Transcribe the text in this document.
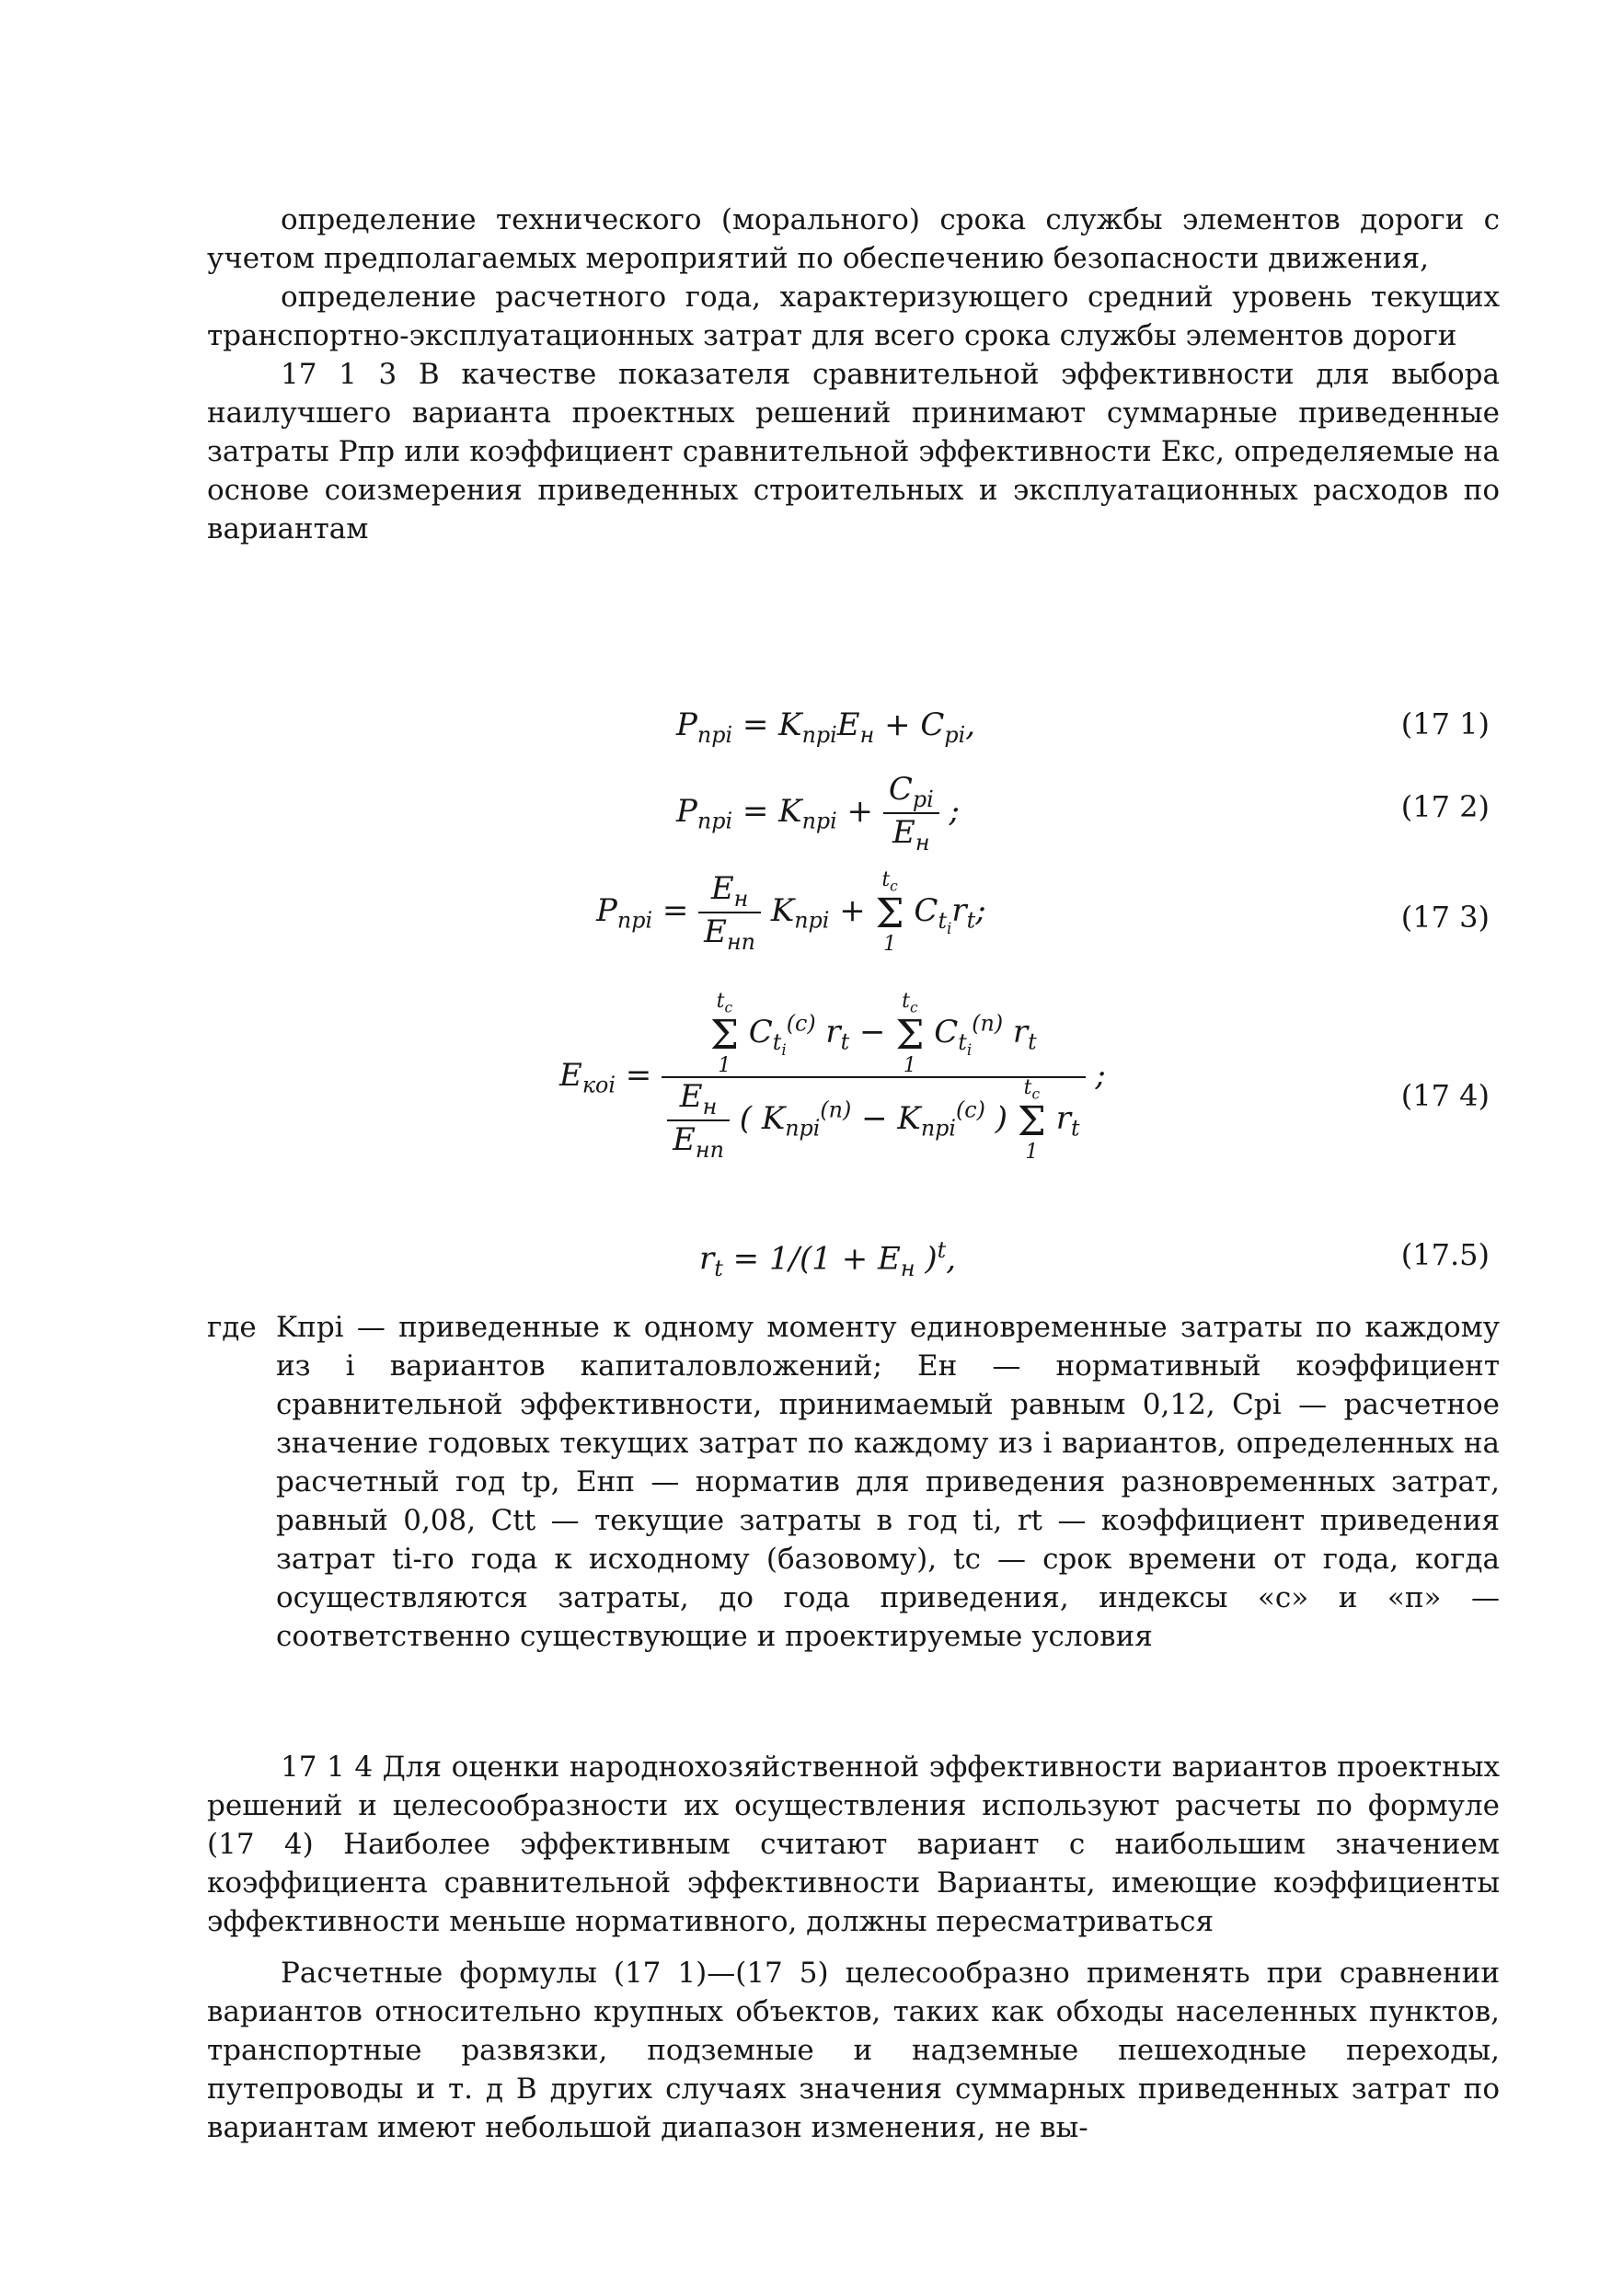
определение технического (морального) срока службы элементов дороги с учетом предполагаемых мероприятий по обеспечению безопасности движения,

определение расчетного года, характеризующего средний уровень текущих транспортно-эксплуатационных затрат для всего срока службы элементов дороги

17 1 3 В качестве показателя сравнительной эффективности для выбора наилучшего варианта проектных решений принимают суммарные приведенные затраты Pпр или коэффициент сравнительной эффективности Eкс, определяемые на основе соизмерения приведенных строительных и эксплуатационных расходов по вариантам

$P_{прi} = K_{прi}E_н + C_{pi}$,	(17 1)
$P_{прi} = K_{прi} + \frac{C_{pi}}{E_н}$ ;	(17 2)
$P_{прi} = \frac{E_н}{E_{нп}} K_{прi}$ +
$t_c$
Σ
1
$C_{t_i}r_t$;	(17 3)
$E_{кoi} = t_c$
Σ
1
$C_{t_i}^{(c)}$ $r_t$ −
$t_c$
Σ
1
$C_{t_i}^{(п)}$ $r_t$
$\frac{E_н}{E_{нп}}$ ( $K_{прi}^{(п)} - K_{прi}^{(c)}$ )
$t_c$
Σ
1
$r_t$ ;
(17 4)
$r_t = 1/(1 + E_н$ )$^t$,	(17.5)
где Kпрi — приведенные к одному моменту единовременные затраты по каждому из i вариантов капиталовложений; Eн — нормативный коэффициент сравнительной эффективности, принимаемый равным 0,12, Cpi — расчетное значение годовых текущих затрат по каждому из i вариантов, определенных на расчетный год tp, Eнп — норматив для приведения разновременных затрат, равный 0,08, Ctt — текущие затраты в год ti, rt — коэффициент приведения затрат ti-го года к исходному (базовому), tc — срок времени от года, когда осуществляются затраты, до года приведения, индексы «с» и «п» — соответственно существующие и проектируемые условия

17 1 4 Для оценки народнохозяйственной эффективности вариантов проектных решений и целесообразности их осуществления используют расчеты по формуле (17 4) Наиболее эффективным считают вариант с наибольшим значением коэффициента сравнительной эффективности Варианты, имеющие коэффициенты эффективности меньше нормативного, должны пересматриваться

Расчетные формулы (17 1)—(17 5) целесообразно применять при сравнении вариантов относительно крупных объектов, таких как обходы населенных пунктов, транспортные развязки, подземные и надземные пешеходные переходы, путепроводы и т. д В других случаях значения суммарных приведенных затрат по вариантам имеют небольшой диапазон изменения, не вы-
